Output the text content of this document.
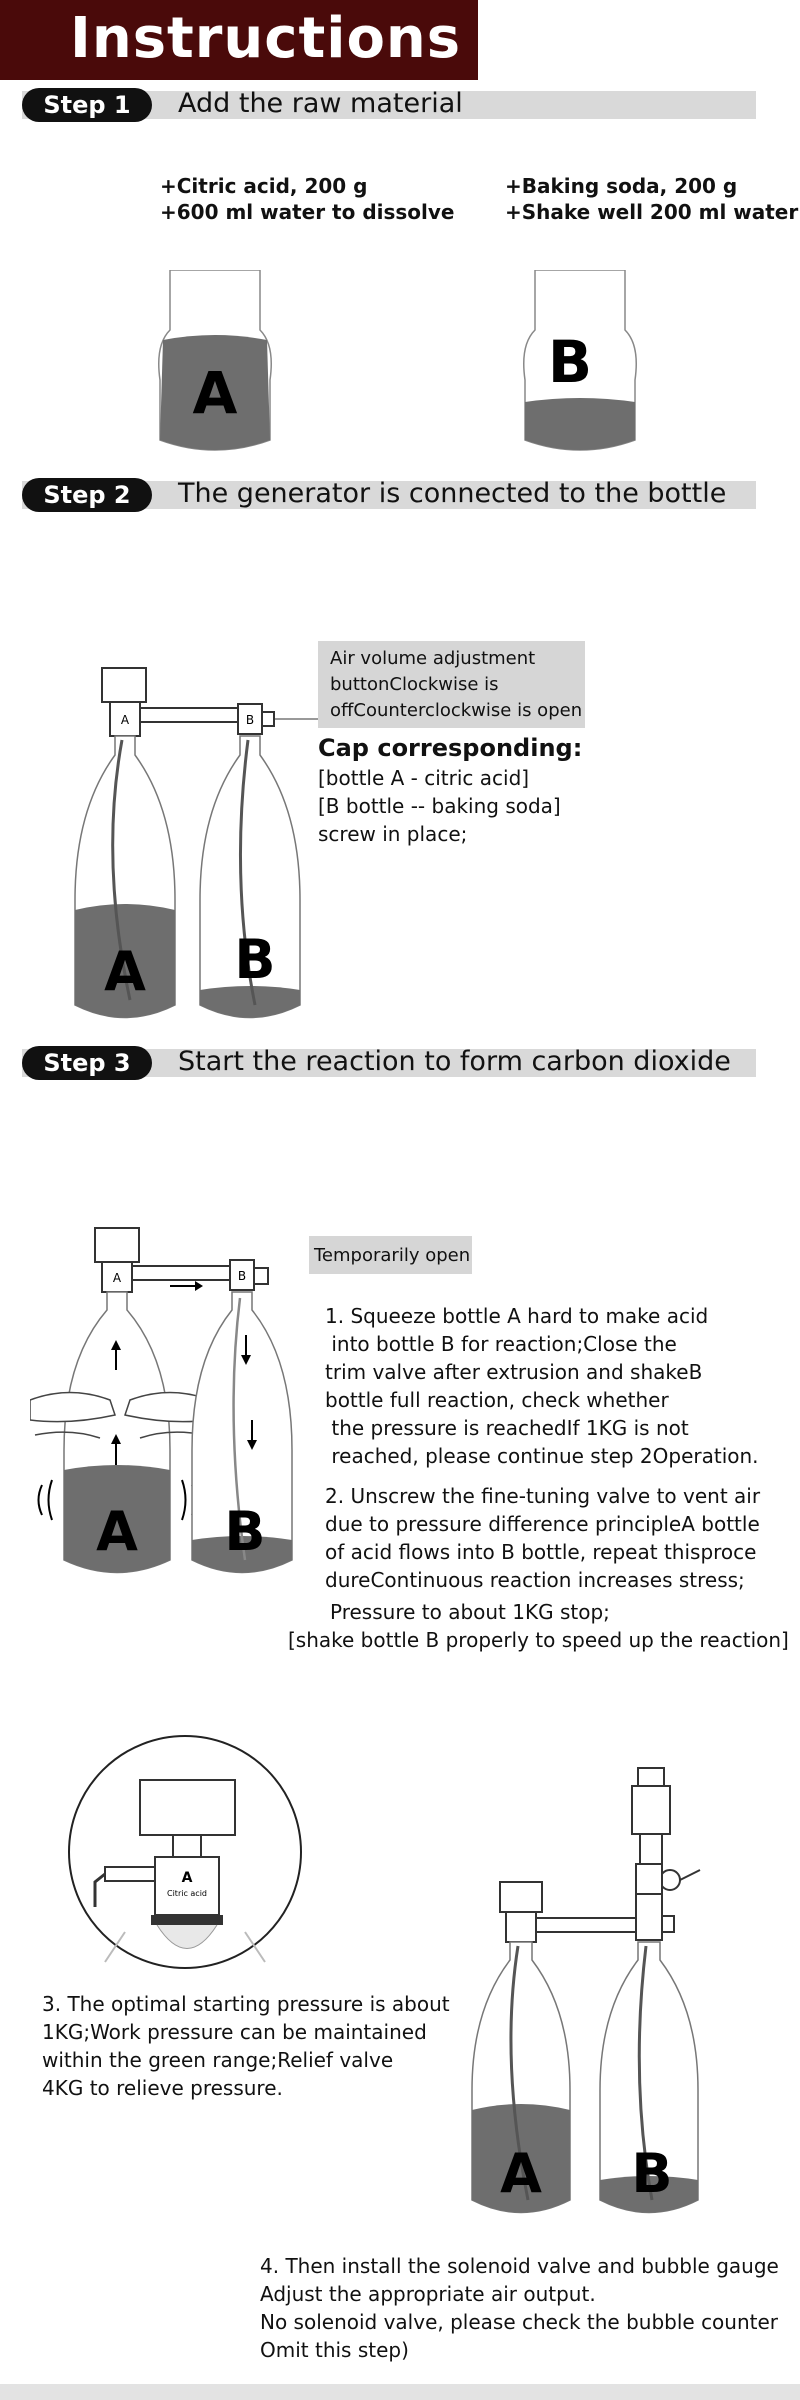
Instructions
Step 1	Add the raw material
+Citric acid, 200 g
+600 ml water to dissolve
+Baking soda, 200 g
+Shake well 200 ml water
A	B
Step 2	The generator is connected to the bottle
Air volume adjustment
buttonClockwise is
offCounterclockwise is open
Cap corresponding:
[bottle A - citric acid]
[B bottle -- baking soda]
screw in place;
A	B
A B
Step 3	Start the reaction to form carbon dioxide
Temporarily open
A	B
A B
1. Squeeze bottle A hard to make acid
into bottle B for reaction;Close the
trim valve after extrusion and shakeB
bottle full reaction, check whether
the pressure is reachedIf 1KG is not
reached, please continue step 2Operation.
2. Unscrew the fine-tuning valve to vent air
due to pressure difference principleA bottle
of acid flows into B bottle, repeat thisproce
dureContinuous reaction increases stress;
Pressure to about 1KG stop;
[shake bottle B properly to speed up the reaction]
A
Citric acid
3. The optimal starting pressure is about
1KG;Work pressure can be maintained
within the green range;Relief valve
4KG to relieve pressure.
A B
4. Then install the solenoid valve and bubble gauge
Adjust the appropriate air output.
No solenoid valve, please check the bubble counter
Omit this step)
